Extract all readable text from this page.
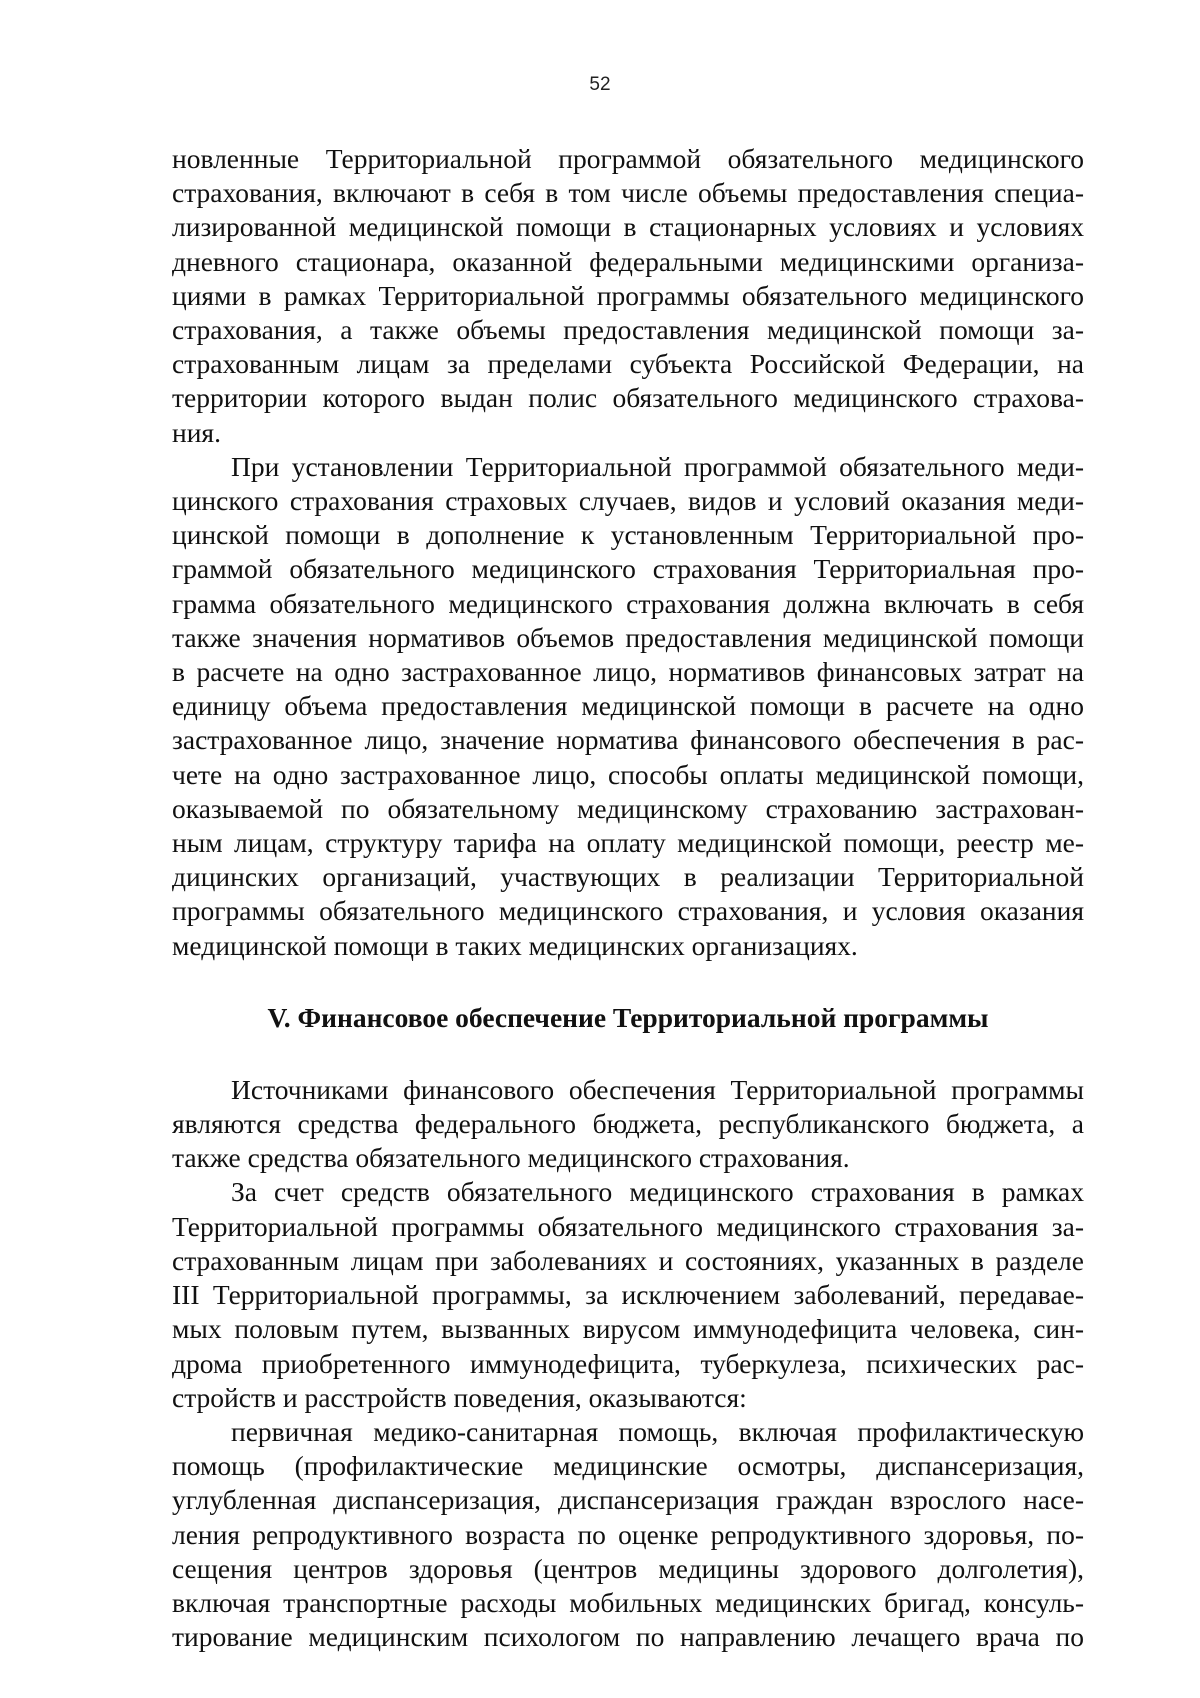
52

новленные Территориальной программой обязательного медицинского
страхования, включают в себя в том числе объемы предоставления специа-
лизированной медицинской помощи в стационарных условиях и условиях
дневного стационара, оказанной федеральными медицинскими организа-
циями в рамках Территориальной программы обязательного медицинского
страхования, а также объемы предоставления медицинской помощи за-
страхованным лицам за пределами субъекта Российской Федерации, на
территории которого выдан полис обязательного медицинского страхова-
ния.

При установлении Территориальной программой обязательного меди-
цинского страхования страховых случаев, видов и условий оказания меди-
цинской помощи в дополнение к установленным Территориальной про-
граммой обязательного медицинского страхования Территориальная про-
грамма обязательного медицинского страхования должна включать в себя
также значения нормативов объемов предоставления медицинской помощи
в расчете на одно застрахованное лицо, нормативов финансовых затрат на
единицу объема предоставления медицинской помощи в расчете на одно
застрахованное лицо, значение норматива финансового обеспечения в рас-
чете на одно застрахованное лицо, способы оплаты медицинской помощи,
оказываемой по обязательному медицинскому страхованию застрахован-
ным лицам, структуру тарифа на оплату медицинской помощи, реестр ме-
дицинских организаций, участвующих в реализации Территориальной
программы обязательного медицинского страхования, и условия оказания
медицинской помощи в таких медицинских организациях.

V. Финансовое обеспечение Территориальной программы

Источниками финансового обеспечения Территориальной программы
являются средства федерального бюджета, республиканского бюджета, а
также средства обязательного медицинского страхования.

За счет средств обязательного медицинского страхования в рамках
Территориальной программы обязательного медицинского страхования за-
страхованным лицам при заболеваниях и состояниях, указанных в разделе
III Территориальной программы, за исключением заболеваний, передавае-
мых половым путем, вызванных вирусом иммунодефицита человека, син-
дрома приобретенного иммунодефицита, туберкулеза, психических рас-
стройств и расстройств поведения, оказываются:

первичная медико-санитарная помощь, включая профилактическую
помощь (профилактические медицинские осмотры, диспансеризация,
углубленная диспансеризация, диспансеризация граждан взрослого насе-
ления репродуктивного возраста по оценке репродуктивного здоровья, по-
сещения центров здоровья (центров медицины здорового долголетия),
включая транспортные расходы мобильных медицинских бригад, консуль-
тирование медицинским психологом по направлению лечащего врача по
